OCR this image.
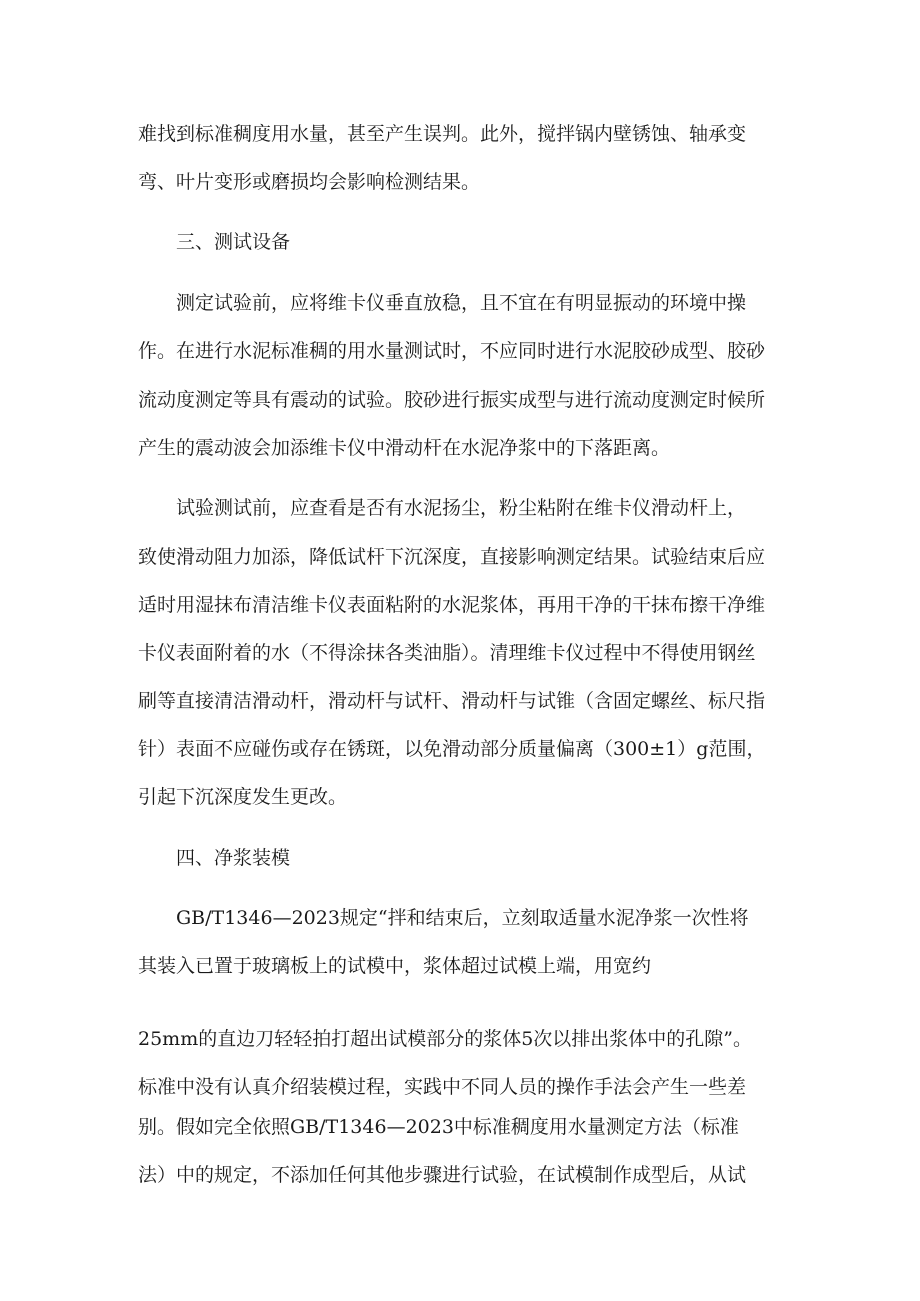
难找到标准稠度用水量，甚至产生误判。此外，搅拌锅内壁锈蚀、轴承变
弯、叶片变形或磨损均会影响检测结果。
三、测试设备
测定试验前，应将维卡仪垂直放稳，且不宜在有明显振动的环境中操
作。在进行水泥标准稠的用水量测试时，不应同时进行水泥胶砂成型、胶砂
流动度测定等具有震动的试验。胶砂进行振实成型与进行流动度测定时候所
产生的震动波会加添维卡仪中滑动杆在水泥净浆中的下落距离。
试验测试前，应查看是否有水泥扬尘，粉尘粘附在维卡仪滑动杆上，
致使滑动阻力加添，降低试杆下沉深度，直接影响测定结果。试验结束后应
适时用湿抹布清洁维卡仪表面粘附的水泥浆体，再用干净的干抹布擦干净维
卡仪表面附着的水（不得涂抹各类油脂）。清理维卡仪过程中不得使用钢丝
刷等直接清洁滑动杆，滑动杆与试杆、滑动杆与试锥（含固定螺丝、标尺指
针）表面不应碰伤或存在锈斑，以免滑动部分质量偏离（300±1）g范围，
引起下沉深度发生更改。
四、净浆装模
GB/T1346—2023规定“拌和结束后，立刻取适量水泥净浆一次性将
其装入已置于玻璃板上的试模中，浆体超过试模上端，用宽约
25mm的直边刀轻轻拍打超出试模部分的浆体5次以排出浆体中的孔隙”。
标准中没有认真介绍装模过程，实践中不同人员的操作手法会产生一些差
别。假如完全依照GB/T1346—2023中标准稠度用水量测定方法（标准
法）中的规定，不添加任何其他步骤进行试验，在试模制作成型后，从试
